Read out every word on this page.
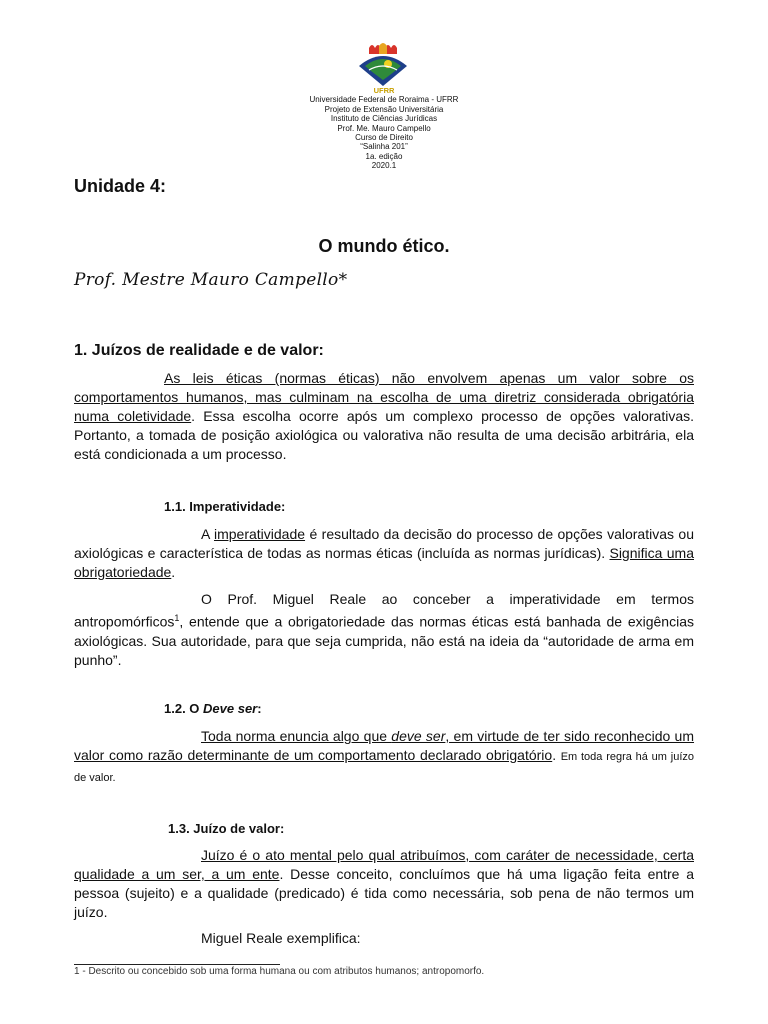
UFRR
Universidade Federal de Roraima - UFRR
Projeto de Extensão Universitária
Instituto de Ciências Jurídicas
Prof. Me. Mauro Campello
Curso de Direito
“Salinha 201”
1a. edição
2020.1
Unidade 4:
O mundo ético.
Prof. Mestre Mauro Campello*
1. Juízos de realidade e de valor:
As leis éticas (normas éticas) não envolvem apenas um valor sobre os comportamentos humanos, mas culminam na escolha de uma diretriz considerada obrigatória numa coletividade. Essa escolha ocorre após um complexo processo de opções valorativas. Portanto, a tomada de posição axiológica ou valorativa não resulta de uma decisão arbitrária, ela está condicionada a um processo.
1.1. Imperatividade:
A imperatividade é resultado da decisão do processo de opções valorativas ou axiológicas e característica de todas as normas éticas (incluída as normas jurídicas). Significa uma obrigatoriedade.
O Prof. Miguel Reale ao conceber a imperatividade em termos antropomórficos$^1$, entende que a obrigatoriedade das normas éticas está banhada de exigências axiológicas. Sua autoridade, para que seja cumprida, não está na ideia da “autoridade de arma em punho”.
1.2. O Deve ser:
Toda norma enuncia algo que deve ser, em virtude de ter sido reconhecido um valor como razão determinante de um comportamento declarado obrigatório. Em toda regra há um juízo de valor.
1.3. Juízo de valor:
Juízo é o ato mental pelo qual atribuímos, com caráter de necessidade, certa qualidade a um ser, a um ente. Desse conceito, concluímos que há uma ligação feita entre a pessoa (sujeito) e a qualidade (predicado) é tida como necessária, sob pena de não termos um juízo.
Miguel Reale exemplifica:
1 - Descrito ou concebido sob uma forma humana ou com atributos humanos; antropomorfo.
